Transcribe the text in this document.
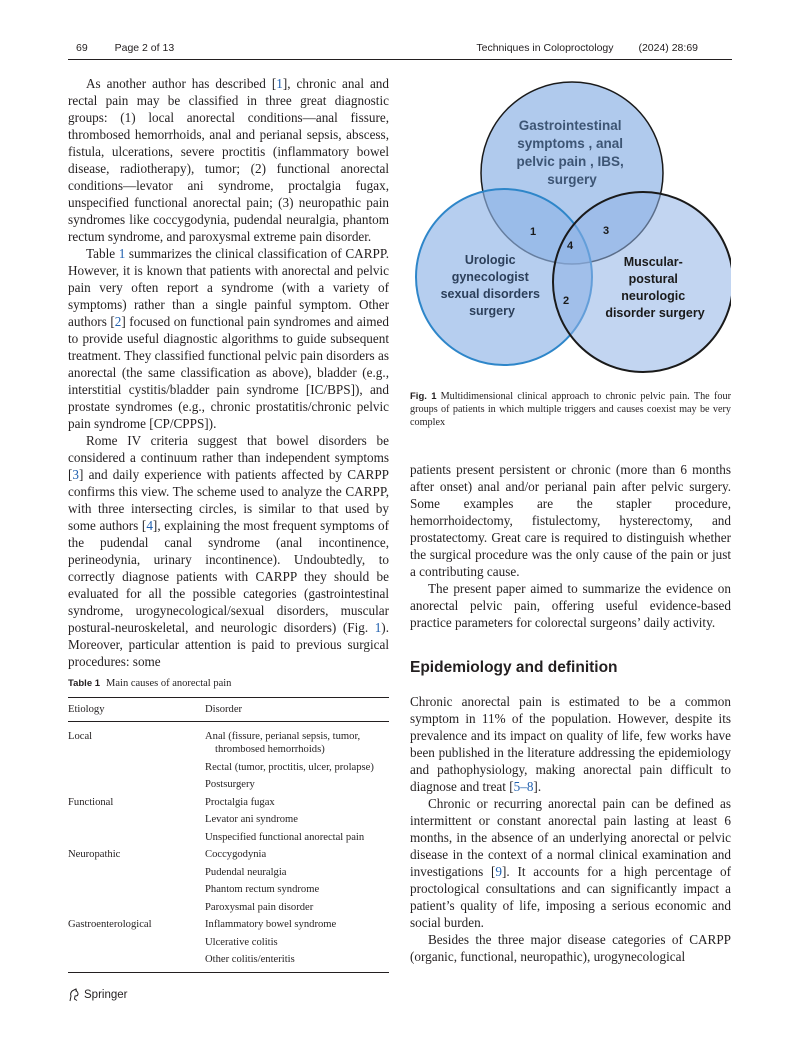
69	Page 2 of 13	Techniques in Coloproctology (2024) 28:69

As another author has described [1], chronic anal and rectal pain may be classified in three great diagnostic groups: (1) local anorectal conditions—anal fissure, thrombosed hemorrhoids, anal and perianal sepsis, abscess, fistula, ulcerations, severe proctitis (inflammatory bowel disease, radiotherapy), tumor; (2) functional anorectal conditions—levator ani syndrome, proctalgia fugax, unspecified functional anorectal pain; (3) neuropathic pain syndromes like coccygodynia, pudendal neuralgia, phantom rectum syndrome, and paroxysmal extreme pain disorder.

Table 1 summarizes the clinical classification of CARPP. However, it is known that patients with anorectal and pelvic pain very often report a syndrome (with a variety of symptoms) rather than a single painful symptom. Other authors [2] focused on functional pain syndromes and aimed to provide useful diagnostic algorithms to guide subsequent treatment. They classified functional pelvic pain disorders as anorectal (the same classification as above), bladder (e.g., interstitial cystitis/bladder pain syndrome [IC/BPS]), and prostate syndromes (e.g., chronic prostatitis/chronic pelvic pain syndrome [CP/CPPS]).

Rome IV criteria suggest that bowel disorders be considered a continuum rather than independent symptoms [3] and daily experience with patients affected by CARPP confirms this view. The scheme used to analyze the CARPP, with three intersecting circles, is similar to that used by some authors [4], explaining the most frequent symptoms of the pudendal canal syndrome (anal incontinence, perineodynia, urinary incontinence). Undoubtedly, to correctly diagnose patients with CARPP they should be evaluated for all the possible categories (gastrointestinal syndrome, urogynecological/sexual disorders, muscular postural-neuroskeletal, and neurologic disorders) (Fig. 1). Moreover, particular attention is paid to previous surgical procedures: some

Gastrointestinal symptoms , anal pelvic pain , IBS, surgery
Urologic gynecologist sexual disorders surgery
Muscular- postural neurologic disorder surgery
1
4
3
2
Fig. 1 Multidimensional clinical approach to chronic pelvic pain. The four groups of patients in which multiple triggers and causes coexist may be very complex

patients present persistent or chronic (more than 6 months after onset) anal and/or perianal pain after pelvic surgery. Some examples are the stapler procedure, hemorrhoidectomy, fistulectomy, hysterectomy, and prostatectomy. Great care is required to distinguish whether the surgical procedure was the only cause of the pain or just a contributing cause.

The present paper aimed to summarize the evidence on anorectal pelvic pain, offering useful evidence-based practice parameters for colorectal surgeons’ daily activity.

Epidemiology and definition

Chronic anorectal pain is estimated to be a common symptom in 11% of the population. However, despite its prevalence and its impact on quality of life, few works have been published in the literature addressing the epidemiology and pathophysiology, making anorectal pain difficult to diagnose and treat [5–8].

Chronic or recurring anorectal pain can be defined as intermittent or constant anorectal pain lasting at least 6 months, in the absence of an underlying anorectal or pelvic disease in the context of a normal clinical examination and investigations [9]. It accounts for a high percentage of proctological consultations and can significantly impact a patient’s quality of life, imposing a serious economic and social burden.

Besides the three major disease categories of CARPP (organic, functional, neuropathic), urogynecological

Table 1 Main causes of anorectal pain
Etiology	Disorder
Local	Anal (fissure, perianal sepsis, tumor, thrombosed hemorrhoids)

	Rectal (tumor, proctitis, ulcer, prolapse)

	Postsurgery

Functional	Proctalgia fugax

	Levator ani syndrome

	Unspecified functional anorectal pain

Neuropathic	Coccygodynia

	Pudendal neuralgia

	Phantom rectum syndrome

	Paroxysmal pain disorder

Gastroenterological	Inflammatory bowel syndrome

	Ulcerative colitis

	Other colitis/enteritis
Springer
